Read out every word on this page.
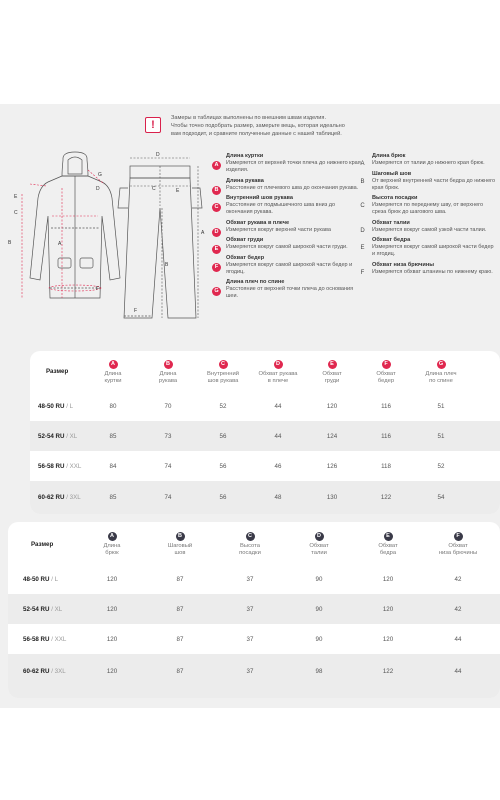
!
Замеры в таблицах выполнены по внешним швам изделия.
Чтобы точно подобрать размер, замерьте вещь, которая идеально
вам подходит, и сравните полученные данные с нашей таблицей.
E
C
B	A
D
F
G
D
E
A
B
C
F
A
Длина куртки
Измеряется от верхней точки плеча до нижнего края изделия.
B
Длина рукава
Расстояние от плечевого шва до окончания рукава.
C
Внутренний шов рукава
Расстояние от подмышечного шва вниз до окончания рукава.
D
Обхват рукава в плече
Измеряется вокруг верхней части рукава
E
Обхват груди
Измеряется вокруг самой широкой части груди.
F
Обхват бедер
Измеряется вокруг самой широкой части бедер и ягодиц.
G
Длина плеч по спине
Расстояние от верхней точки плеча до основания шеи.
A
Длина брюк
Измеряется от талии до нижнего края брюк.
B
Шаговый шов
От верхней внутренней части бедра до нижнего края брюк.
C
Высота посадки
Измеряется по переднему шву, от верхнего среза брюк до шагового шва.
D
Обхват талии
Измеряется вокруг самой узкой части талии.
E
Обхват бедра
Измеряется вокруг самой широкой части бедер и ягодиц.
F
Обхват низа брючины
Измеряется обхват штанины по нижнему краю.
Размер
A
Длина
куртки
B
Длина
рукава
C
Внутренний
шов рукава
D
Обхват рукава
в плече
E
Обхват
груди
F
Обхват
бедер
G
Длина плеч
по спине
48-50 RU / L	80	70	52	44	120	116	51
52-54 RU / XL	85	73	56	44	124	116	51
56-58 RU / XXL	84	74	56	46	126	118	52
60-62 RU / 3XL	85	74	56	48	130	122	54
Размер
A
Длина
брюк
B
Шаговый
шов
C
Высота
посадки
D
Обхват
талии
E
Обхват
бедра
F
Обхват
низа брючины
48-50 RU / L	120	87	37	90	120	42
52-54 RU / XL	120	87	37	90	120	42
56-58 RU / XXL	120	87	37	90	120	44
60-62 RU / 3XL	120	87	37	98	122	44
